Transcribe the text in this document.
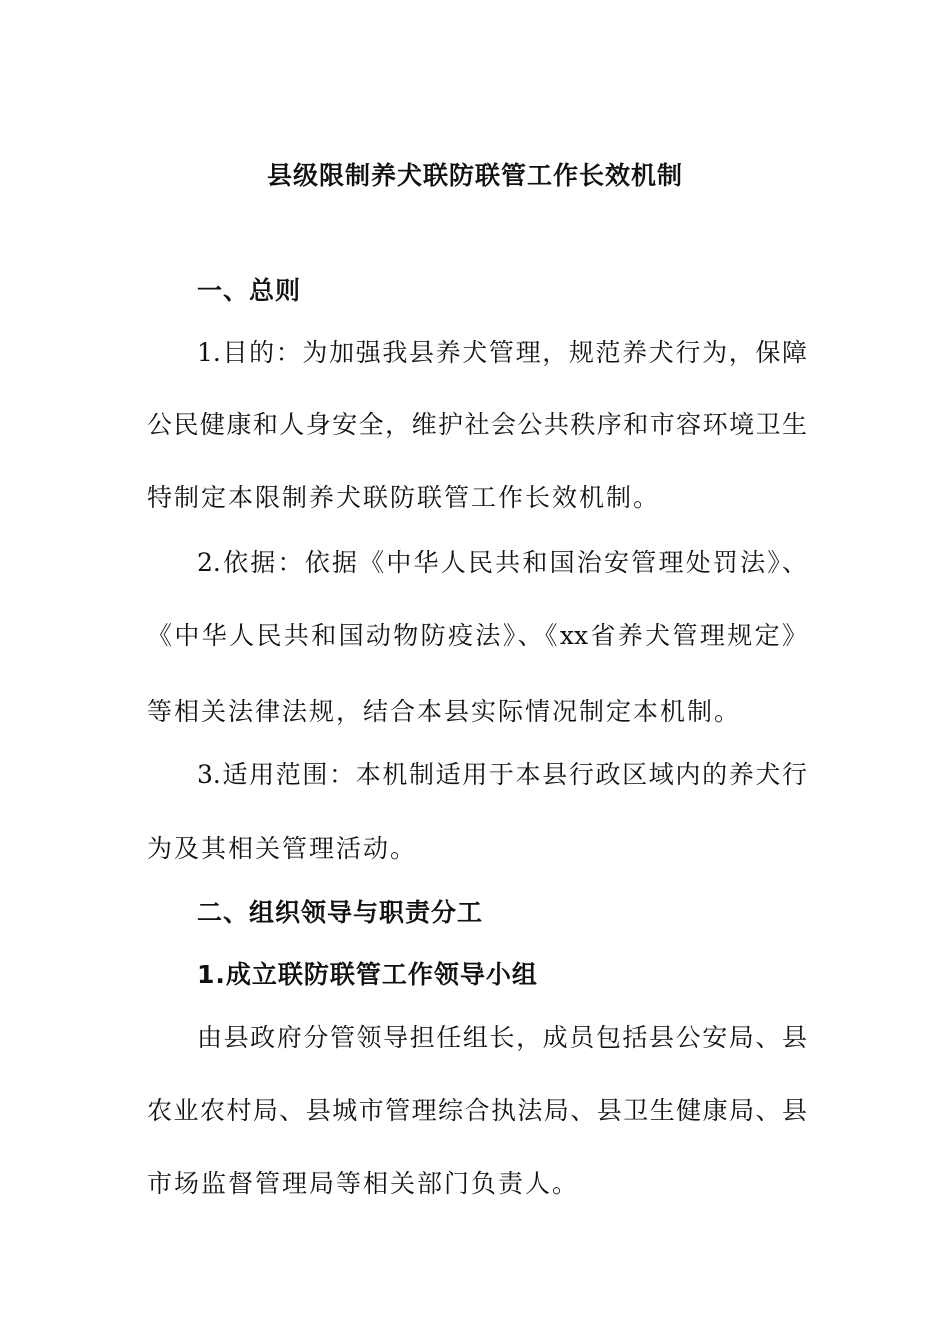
县级限制养犬联防联管工作长效机制
一、总则
1.目的：为加强我县养犬管理，规范养犬行为，保障
公民健康和人身安全，维护社会公共秩序和市容环境卫生
特制定本限制养犬联防联管工作长效机制。
2.依据：依据《中华人民共和国治安管理处罚法》、
《中华人民共和国动物防疫法》、《xx省养犬管理规定》
等相关法律法规，结合本县实际情况制定本机制。
3.适用范围：本机制适用于本县行政区域内的养犬行
为及其相关管理活动。
二、组织领导与职责分工
1.成立联防联管工作领导小组
由县政府分管领导担任组长，成员包括县公安局、县
农业农村局、县城市管理综合执法局、县卫生健康局、县
市场监督管理局等相关部门负责人。
